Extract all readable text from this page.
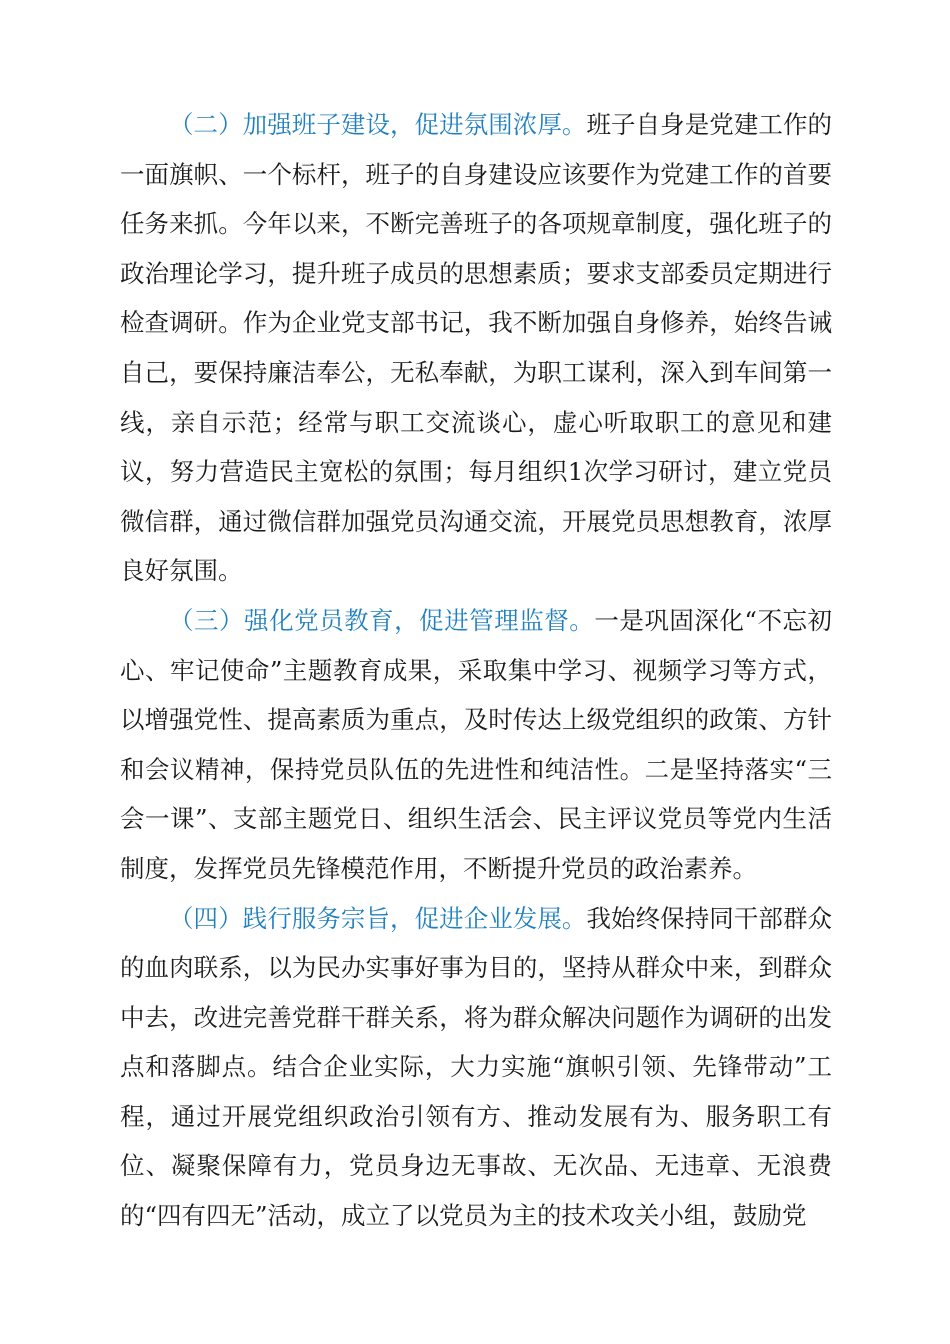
（二）加强班子建设，促进氛围浓厚。班子自身是党建工作的一面旗帜、一个标杆，班子的自身建设应该要作为党建工作的首要任务来抓。今年以来，不断完善班子的各项规章制度，强化班子的政治理论学习，提升班子成员的思想素质；要求支部委员定期进行检查调研。作为企业党支部书记，我不断加强自身修养，始终告诫自己，要保持廉洁奉公，无私奉献，为职工谋利，深入到车间第一线，亲自示范；经常与职工交流谈心，虚心听取职工的意见和建议，努力营造民主宽松的氛围；每月组织1次学习研讨，建立党员微信群，通过微信群加强党员沟通交流，开展党员思想教育，浓厚良好氛围。

（三）强化党员教育，促进管理监督。一是巩固深化“不忘初心、牢记使命”主题教育成果，采取集中学习、视频学习等方式，以增强党性、提高素质为重点，及时传达上级党组织的政策、方针和会议精神，保持党员队伍的先进性和纯洁性。二是坚持落实“三会一课”、支部主题党日、组织生活会、民主评议党员等党内生活制度，发挥党员先锋模范作用，不断提升党员的政治素养。

（四）践行服务宗旨，促进企业发展。我始终保持同干部群众的血肉联系，以为民办实事好事为目的，坚持从群众中来，到群众中去，改进完善党群干群关系，将为群众解决问题作为调研的出发点和落脚点。结合企业实际，大力实施“旗帜引领、先锋带动”工程，通过开展党组织政治引领有方、推动发展有为、服务职工有位、凝聚保障有力，党员身边无事故、无次品、无违章、无浪费的“四有四无”活动，成立了以党员为主的技术攻关小组，鼓励党
